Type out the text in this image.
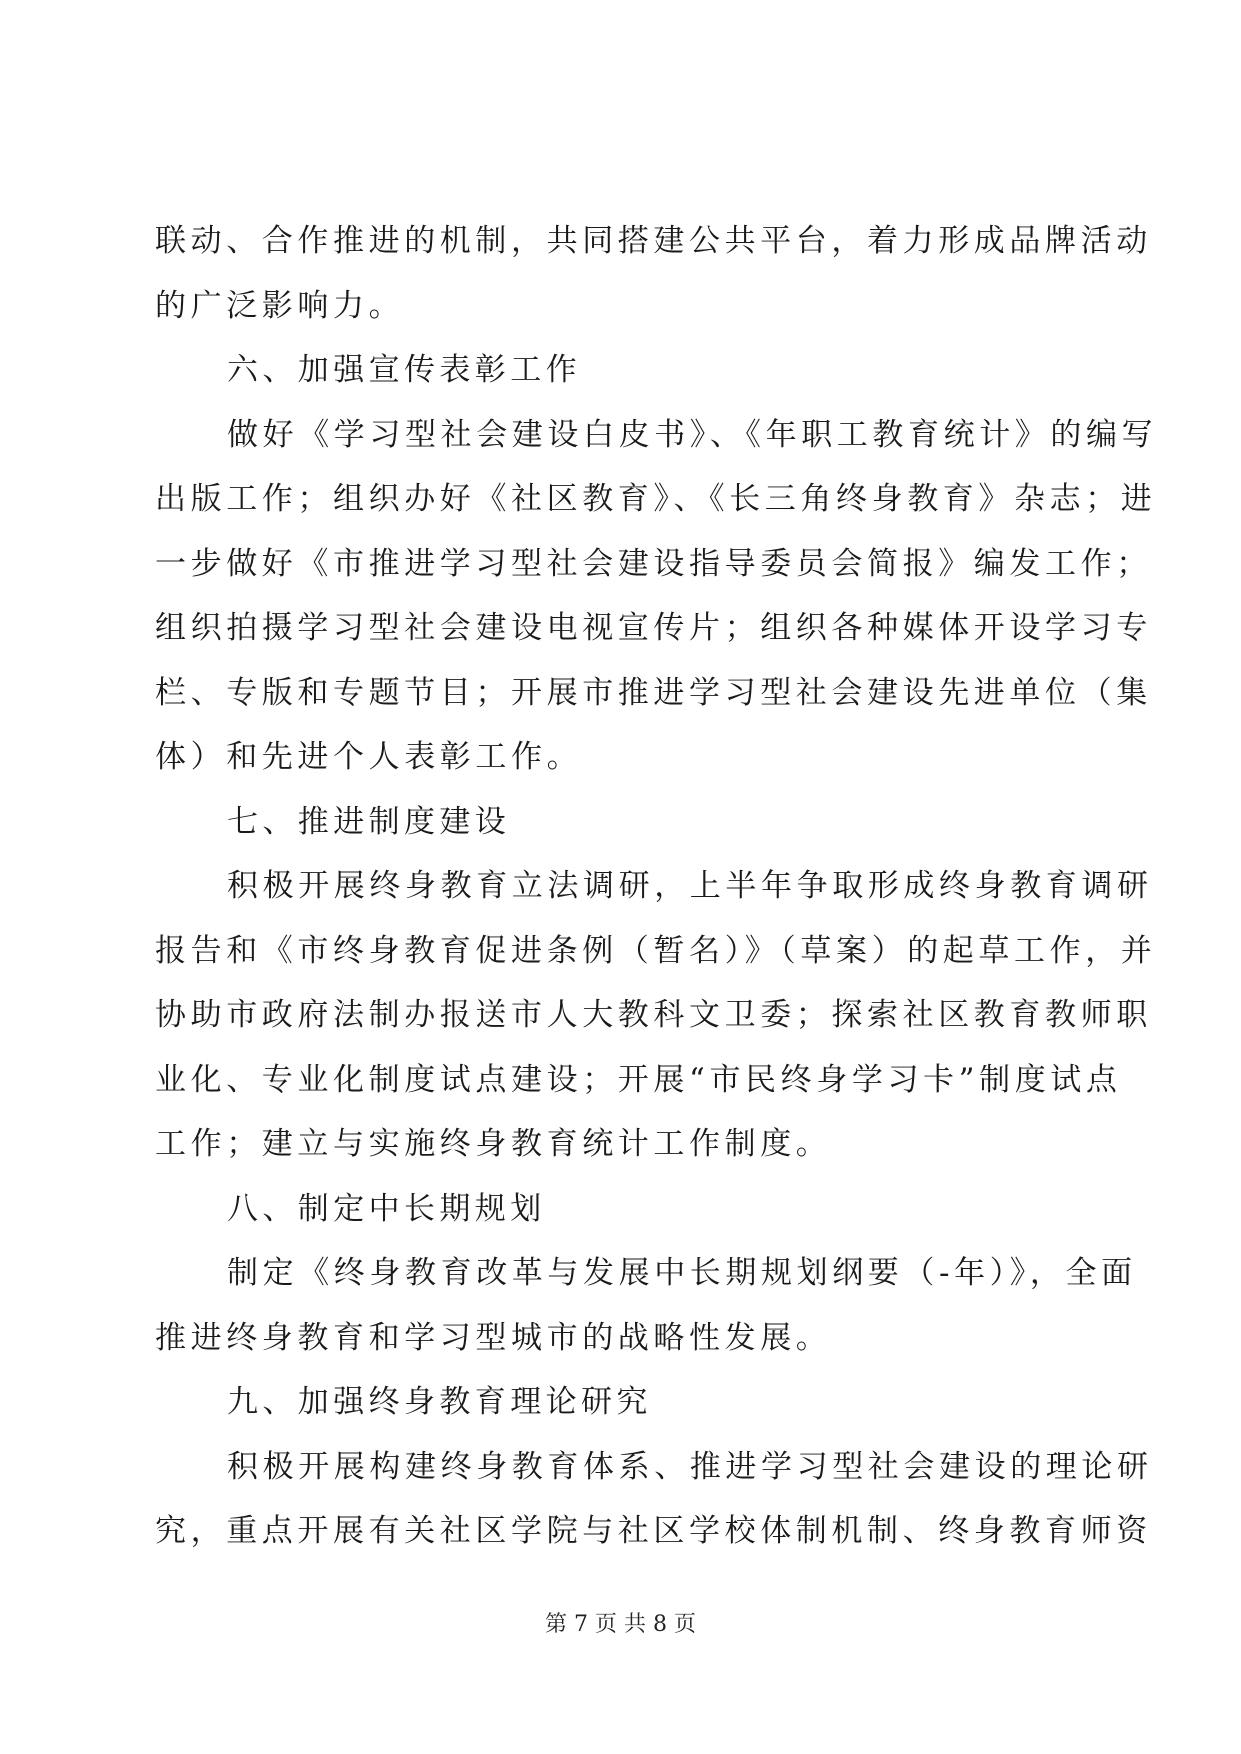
联动、合作推进的机制，共同搭建公共平台，着力形成品牌活动
的广泛影响力。
六、加强宣传表彰工作
做好《学习型社会建设白皮书》、《年职工教育统计》的编写
出版工作；组织办好《社区教育》、《长三角终身教育》杂志；进
一步做好《市推进学习型社会建设指导委员会简报》编发工作；
组织拍摄学习型社会建设电视宣传片；组织各种媒体开设学习专
栏、专版和专题节目；开展市推进学习型社会建设先进单位（集
体）和先进个人表彰工作。
七、推进制度建设
积极开展终身教育立法调研，上半年争取形成终身教育调研
报告和《市终身教育促进条例（暂名）》（草案）的起草工作，并
协助市政府法制办报送市人大教科文卫委；探索社区教育教师职
业化、专业化制度试点建设；开展“市民终身学习卡”制度试点
工作；建立与实施终身教育统计工作制度。
八、制定中长期规划
制定《终身教育改革与发展中长期规划纲要（-年）》，全面
推进终身教育和学习型城市的战略性发展。
九、加强终身教育理论研究
积极开展构建终身教育体系、推进学习型社会建设的理论研
究，重点开展有关社区学院与社区学校体制机制、终身教育师资
第 7 页 共 8 页
